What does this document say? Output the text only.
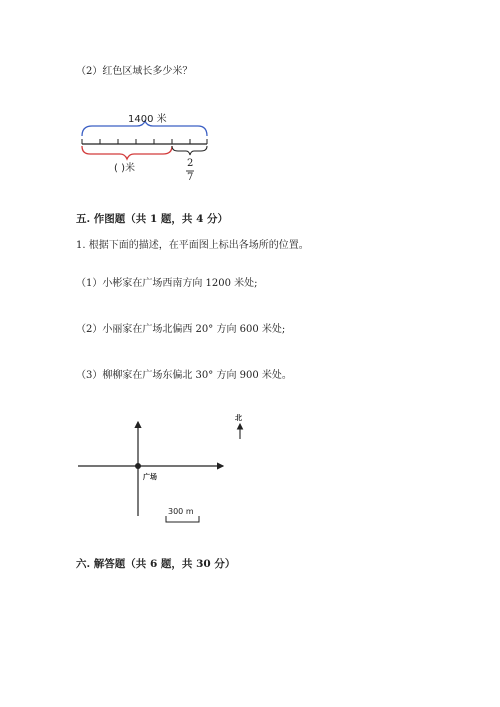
（2）红色区域长多少米？
1400 米
( )米	2
7
五. 作图题（共 1 题，共 4 分）
1. 根据下面的描述，在平面图上标出各场所的位置。
（1）小彬家在广场西南方向 1200 米处;
（2）小丽家在广场北偏西 20° 方向 600 米处;
（3）柳柳家在广场东偏北 30° 方向 900 米处。
北
广场
300 m
六. 解答题（共 6 题，共 30 分）
